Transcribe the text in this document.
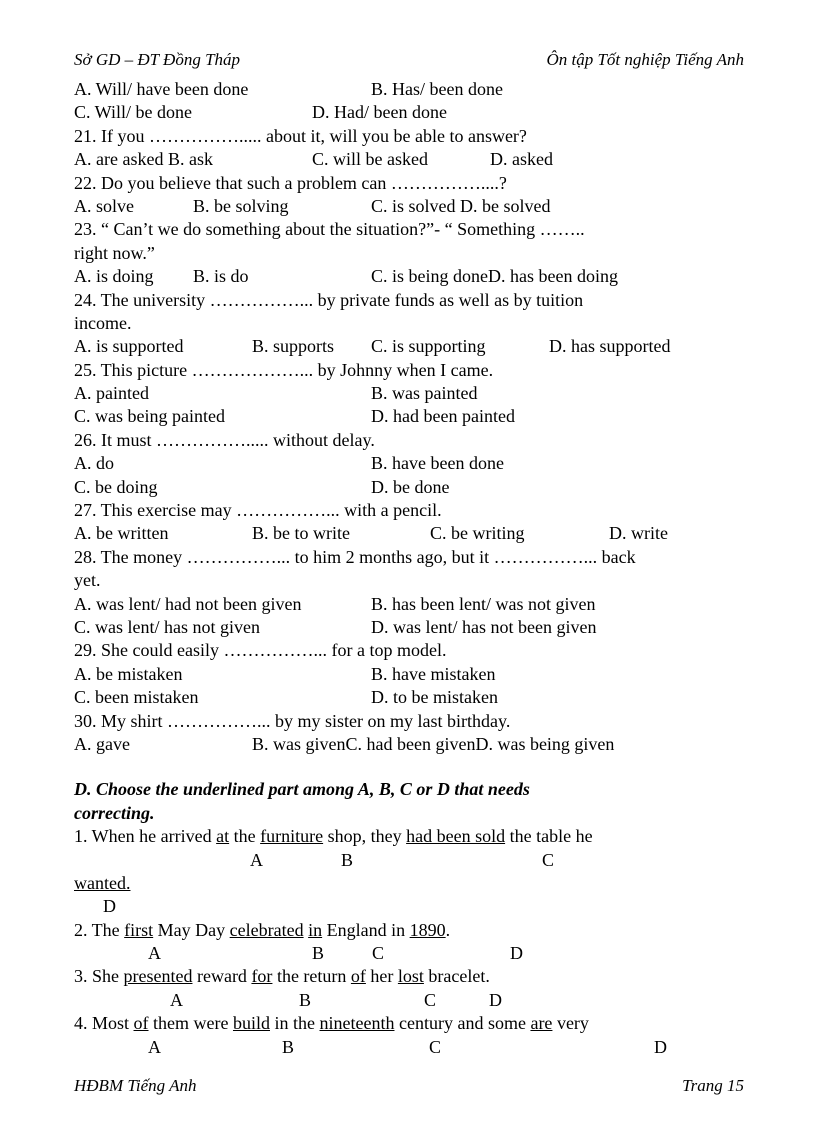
Sở GD – ĐT Đồng Tháp	Ôn tập Tốt nghiệp Tiếng Anh
A. Will/ have been done	B. Has/ been done
C. Will/ be done	D. Had/ been done
21. If you ……………..... about it, will you be able to answer?
A. are asked B. ask	C. will be asked	D. asked
22. Do you believe that such a problem can ……………....?
A. solve	B. be solving	C. is solved D. be solved
23. “ Can’t we do something about the situation?”- “ Something ……..
right now.”
A. is doing B. is do	C. is being doneD. has been doing
24. The university ……………... by private funds as well as by tuition
income.
A. is supported	B. supports C. is supporting	D. has supported
25. This picture ………………... by Johnny when I came.
A. painted	B. was painted
C. was being painted	D. had been painted
26. It must ……………..... without delay.
A. do	B. have been done
C. be doing	D. be done
27. This exercise may ……………... with a pencil.
A. be written	B. be to write	C. be writing	D. write
28. The money ……………... to him 2 months ago, but it ……………... back
yet.
A. was lent/ had not been given	B. has been lent/ was not given
C. was lent/ has not given	D. was lent/ has not been given
29. She could easily ……………... for a top model.
A. be mistaken	B. have mistaken
C. been mistaken	D. to be mistaken
30. My shirt ……………... by my sister on my last birthday.
A. gave	B. was givenC. had been givenD. was being given
D. Choose the underlined part among A, B, C or D that needs
correcting.
1. When he arrived at the furniture shop, they had been sold the table he
A	B	C
wanted.
D
2. The first May Day celebrated in England in 1890.
A	B	C	D
3. She presented reward for the return of her lost bracelet.
A	B	C	D
4. Most of them were build in the nineteenth century and some are very
A	B	C	D
HĐBM Tiếng Anh	Trang 15
